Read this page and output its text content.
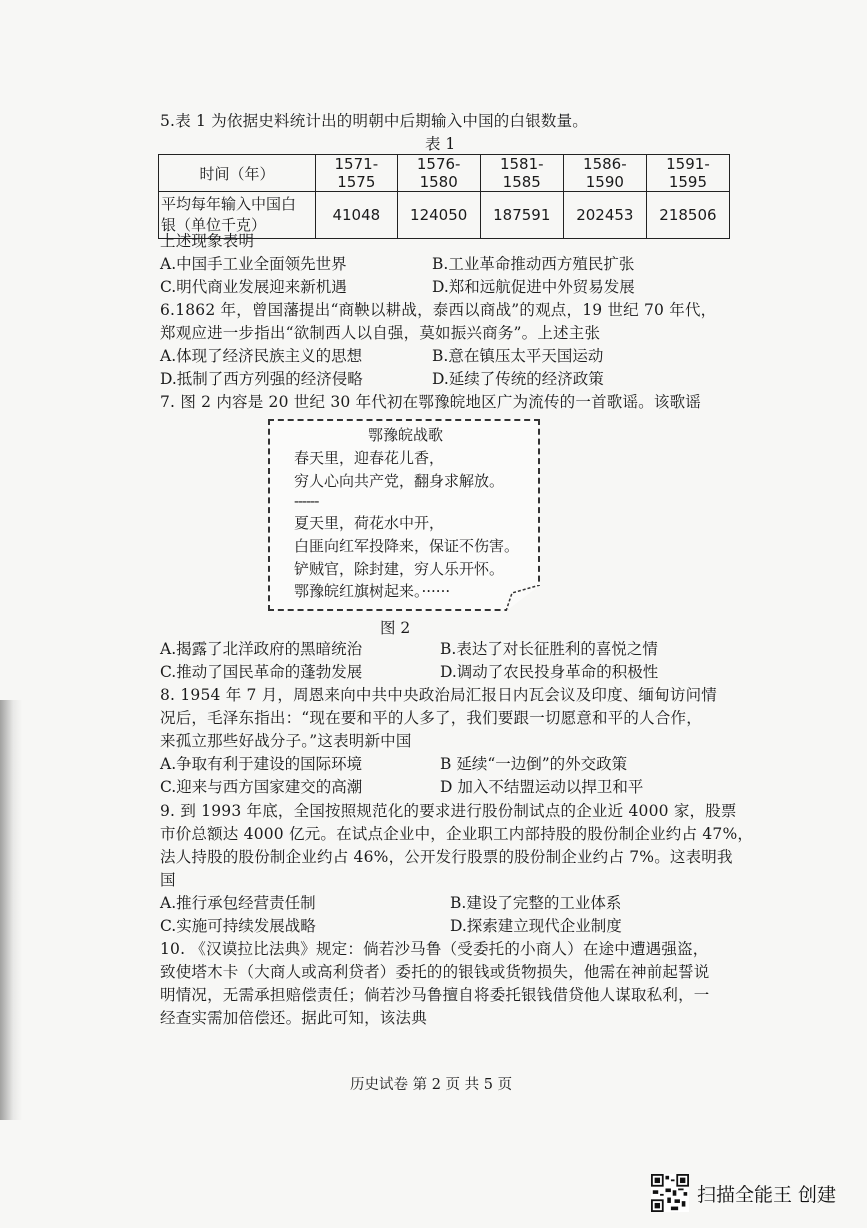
5.表 1 为依据史料统计出的明朝中后期输入中国的白银数量。
表 1
时间（年）	1571-1575	1576-1580	1581-1585	1586-1590	1591-1595

平均每年输入中国白
银（单位千克）	41048	124050	187591	202453	218506
上述现象表明
A.中国手工业全面领先世界	B.工业革命推动西方殖民扩张
C.明代商业发展迎来新机遇	D.郑和远航促进中外贸易发展
6.1862 年，曾国藩提出“商鞅以耕战，泰西以商战”的观点，19 世纪 70 年代，
郑观应进一步指出“欲制西人以自强，莫如振兴商务”。上述主张
A.体现了经济民族主义的思想	B.意在镇压太平天国运动
D.抵制了西方列强的经济侵略	D.延续了传统的经济政策
7. 图 2 内容是 20 世纪 30 年代初在鄂豫皖地区广为流传的一首歌谣。该歌谣
鄂豫皖战歌
春天里，迎春花儿香，
穷人心向共产党，翻身求解放。
------
夏天里，荷花水中开，
白匪向红军投降来，保证不伤害。
铲贼官，除封建，穷人乐开怀。
鄂豫皖红旗树起来。······
图 2
A.揭露了北洋政府的黑暗统治	B.表达了对长征胜利的喜悦之情
C.推动了国民革命的蓬勃发展	D.调动了农民投身革命的积极性
8. 1954 年 7 月，周恩来向中共中央政治局汇报日内瓦会议及印度、缅甸访问情
况后，毛泽东指出：“现在要和平的人多了，我们要跟一切愿意和平的人合作，
来孤立那些好战分子。”这表明新中国
A.争取有利于建设的国际环境	B 延续“一边倒”的外交政策
C.迎来与西方国家建交的高潮	D 加入不结盟运动以捍卫和平
9. 到 1993 年底，全国按照规范化的要求进行股份制试点的企业近 4000 家，股票
市价总额达 4000 亿元。在试点企业中，企业职工内部持股的股份制企业约占 47%，
法人持股的股份制企业约占 46%，公开发行股票的股份制企业约占 7%。这表明我
国
A.推行承包经营责任制	B.建设了完整的工业体系
C.实施可持续发展战略	D.探索建立现代企业制度
10. 《汉谟拉比法典》规定：倘若沙马鲁（受委托的小商人）在途中遭遇强盗，
致使塔木卡（大商人或高利贷者）委托的的银钱或货物损失，他需在神前起誓说
明情况，无需承担赔偿责任；倘若沙马鲁擅自将委托银钱借贷他人谋取私利，一
经查实需加倍偿还。据此可知，该法典
历史试卷 第 2 页 共 5 页
扫描全能王 创建
